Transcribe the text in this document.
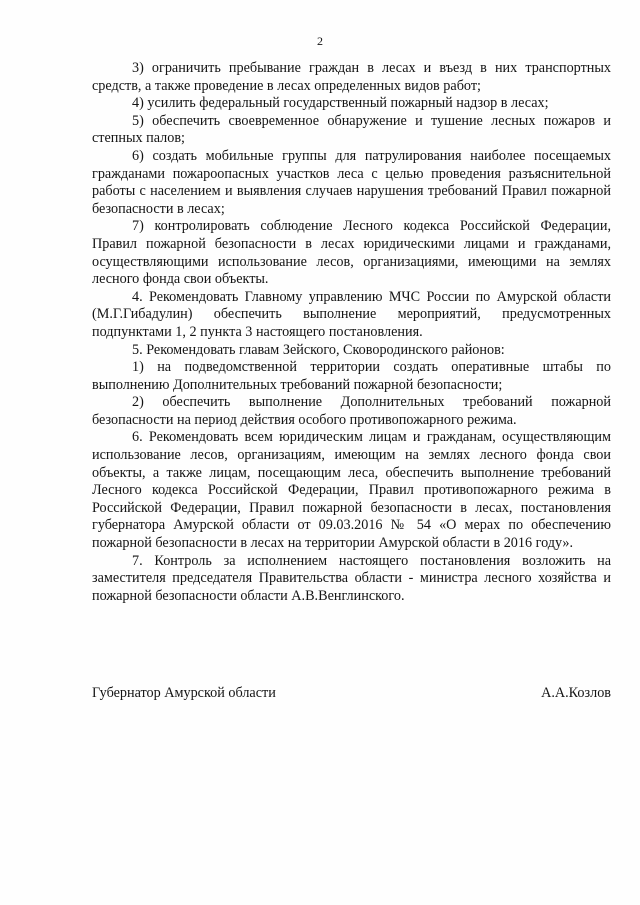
2

3) ограничить пребывание граждан в лесах и въезд в них транспортных средств, а также проведение в лесах определенных видов работ;

4) усилить федеральный государственный пожарный надзор в лесах;

5) обеспечить своевременное обнаружение и тушение лесных пожаров и степных палов;

6) создать мобильные группы для патрулирования наиболее посещаемых гражданами пожароопасных участков леса с целью проведения разъяснительной работы с населением и выявления случаев нарушения требований Правил пожарной безопасности в лесах;

7) контролировать соблюдение Лесного кодекса Российской Федерации, Правил пожарной безопасности в лесах юридическими лицами и гражданами, осуществляющими использование лесов, организациями, имеющими на землях лесного фонда свои объекты.

4. Рекомендовать Главному управлению МЧС России по Амурской области (М.Г.Гибадулин) обеспечить выполнение мероприятий, предусмотренных подпунктами 1, 2 пункта 3 настоящего постановления.

5. Рекомендовать главам Зейского, Сковородинского районов:

1) на подведомственной территории создать оперативные штабы по выполнению Дополнительных требований пожарной безопасности;

2) обеспечить выполнение Дополнительных требований пожарной безопасности на период действия особого противопожарного режима.

6. Рекомендовать всем юридическим лицам и гражданам, осуществляющим использование лесов, организациям, имеющим на землях лесного фонда свои объекты, а также лицам, посещающим леса, обеспечить выполнение требований Лесного кодекса Российской Федерации, Правил противопожарного режима в Российской Федерации, Правил пожарной безопасности в лесах, постановления губернатора Амурской области от 09.03.2016 № 54 «О мерах по обеспечению пожарной безопасности в лесах на территории Амурской области в 2016 году».

7. Контроль за исполнением настоящего постановления возложить на заместителя председателя Правительства области - министра лесного хозяйства и пожарной безопасности области А.В.Венглинского.

Губернатор Амурской области	А.А.Козлов
